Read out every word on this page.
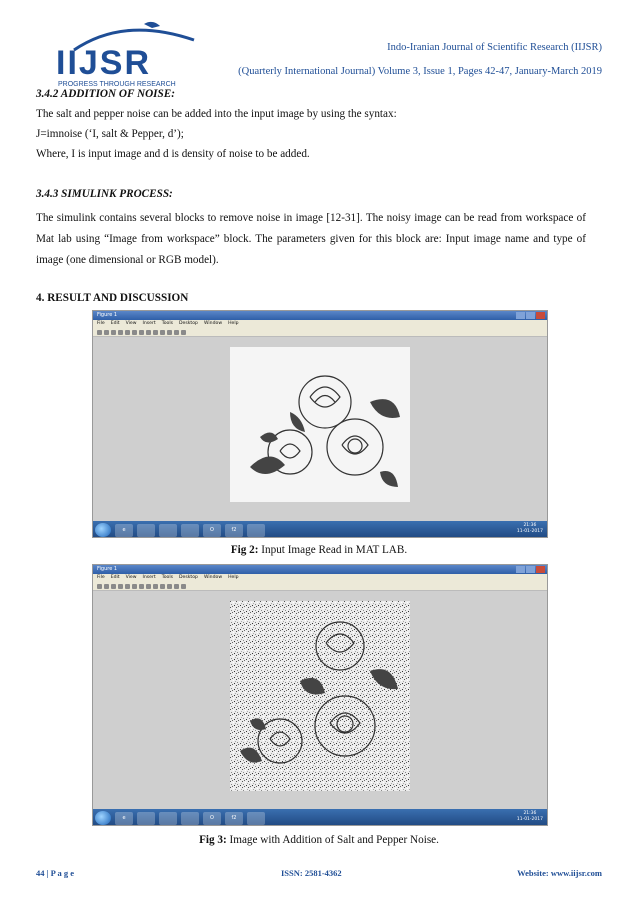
IIJSR
PROGRESS THROUGH RESEARCH
Indo-Iranian Journal of Scientific Research (IIJSR)
(Quarterly International Journal) Volume 3, Issue 1, Pages 42-47, January-March 2019
3.4.2 ADDITION OF NOISE:
The salt and pepper noise can be added into the input image by using the syntax:
J=imnoise (‘I, salt & Pepper, d’);
Where, I is input image and d is density of noise to be added.
3.4.3 SIMULINK PROCESS:
The simulink contains several blocks to remove noise in image [12-31]. The noisy image can be read from workspace of Mat lab using “Image from workspace” block. The parameters given for this block are: Input image name and type of image (one dimensional or RGB model).
4. RESULT AND DISCUSSION
Figure 1
File Edit View Insert Tools Desktop Window Help
e	O	f2
21:36
11-01-2017
Fig 2: Input Image Read in MAT LAB.
Figure 1
File Edit View Insert Tools Desktop Window Help
e	O	f2
21:36
11-01-2017
Fig 3: Image with Addition of Salt and Pepper Noise.
44 | P a g e	ISSN: 2581-4362	Website: www.iijsr.com
